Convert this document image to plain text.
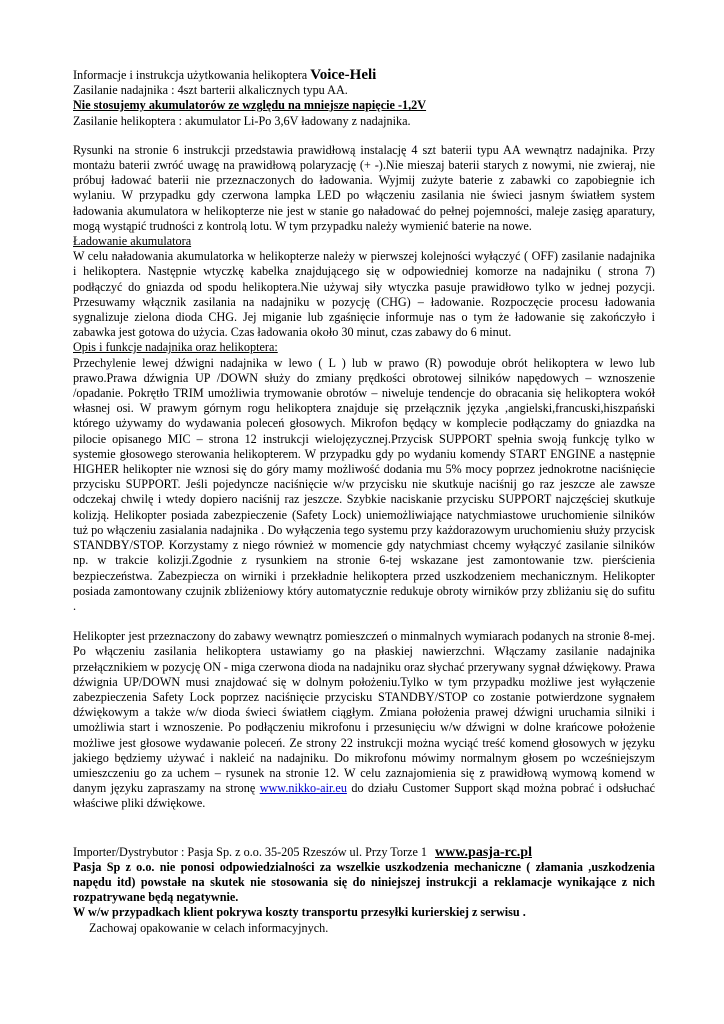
Informacje i instrukcja użytkowania helikoptera Voice-Heli
Zasilanie nadajnika : 4szt barterii alkalicznych typu AA.
Nie stosujemy akumulatorów ze względu na mniejsze napięcie -1,2V
Zasilanie helikoptera : akumulator Li-Po 3,6V ładowany z nadajnika.

Rysunki na stronie 6 instrukcji przedstawia prawidłową instalację 4 szt baterii typu AA wewnątrz nadajnika. Przy montażu baterii zwróć uwagę na prawidłową polaryzację (+ -).Nie mieszaj baterii starych z nowymi, nie zwieraj, nie próbuj ładować baterii nie przeznaczonych do ładowania. Wyjmij zużyte baterie z zabawki co zapobiegnie ich wylaniu. W przypadku gdy czerwona lampka LED po włączeniu zasilania nie świeci jasnym światłem system ładowania akumulatora w helikopterze nie jest w stanie go naładować do pełnej pojemności, maleje zasięg aparatury, mogą wystąpić trudności z kontrolą lotu. W tym przypadku należy wymienić baterie na nowe.

Ładowanie akumulatora

W celu naładowania akumulatorka w helikopterze należy w pierwszej kolejności wyłączyć ( OFF) zasilanie nadajnika i helikoptera. Następnie wtyczkę kabelka znajdującego się w odpowiedniej komorze na nadajniku ( strona 7) podłączyć do gniazda od spodu helikoptera.Nie używaj siły wtyczka pasuje prawidłowo tylko w jednej pozycji. Przesuwamy włącznik zasilania na nadajniku w pozycję (CHG) – ładowanie. Rozpoczęcie procesu ładowania sygnalizuje zielona dioda CHG. Jej miganie lub zgaśnięcie informuje nas o tym że ładowanie się zakończyło i zabawka jest gotowa do użycia. Czas ładowania około 30 minut, czas zabawy do 6 minut.

Opis i funkcje nadajnika oraz helikoptera:

Przechylenie lewej dźwigni nadajnika w lewo ( L ) lub w prawo (R) powoduje obrót helikoptera w lewo lub prawo.Prawa dźwignia UP /DOWN służy do zmiany prędkości obrotowej silników napędowych – wznoszenie /opadanie. Pokrętło TRIM umożliwia trymowanie obrotów – niweluje tendencje do obracania się helikoptera wokół własnej osi. W prawym górnym rogu helikoptera znajduje się przełącznik języka ,angielski,francuski,hiszpański którego używamy do wydawania poleceń głosowych. Mikrofon będący w komplecie podłączamy do gniazdka na pilocie opisanego MIC – strona 12 instrukcji wielojęzycznej.Przycisk SUPPORT spełnia swoją funkcję tylko w systemie głosowego sterowania helikopterem. W przypadku gdy po wydaniu komendy START ENGINE a następnie HIGHER helikopter nie wznosi się do góry mamy możliwość dodania mu 5% mocy poprzez jednokrotne naciśnięcie przycisku SUPPORT. Jeśli pojedyncze naciśnięcie w/w przycisku nie skutkuje naciśnij go raz jeszcze ale zawsze odczekaj chwilę i wtedy dopiero naciśnij raz jeszcze. Szybkie naciskanie przycisku SUPPORT najczęściej skutkuje kolizją. Helikopter posiada zabezpieczenie (Safety Lock) uniemożliwiające natychmiastowe uruchomienie silników tuż po włączeniu zasialania nadajnika . Do wyłączenia tego systemu przy każdorazowym uruchomieniu służy przycisk STANDBY/STOP. Korzystamy z niego również w momencie gdy natychmiast chcemy wyłączyć zasilanie silników np. w trakcie kolizji.Zgodnie z rysunkiem na stronie 6-tej wskazane jest zamontowanie tzw. pierścienia bezpieczeństwa. Zabezpiecza on wirniki i przekładnie helikoptera przed uszkodzeniem mechanicznym. Helikopter posiada zamontowany czujnik zbliżeniowy który automatycznie redukuje obroty wirników przy zbliżaniu się do sufitu .

Helikopter jest przeznaczony do zabawy wewnątrz pomieszczeń o minmalnych wymiarach podanych na stronie 8-mej. Po włączeniu zasilania helikoptera ustawiamy go na płaskiej nawierzchni. Włączamy zasilanie nadajnika przełącznikiem w pozycję ON - miga czerwona dioda na nadajniku oraz słychać przerywany sygnał dźwiękowy. Prawa dźwignia UP/DOWN musi znajdować się w dolnym położeniu.Tylko w tym przypadku możliwe jest wyłączenie zabezpieczenia Safety Lock poprzez naciśnięcie przycisku STANDBY/STOP co zostanie potwierdzone sygnałem dźwiękowym a także w/w dioda świeci światłem ciągłym. Zmiana położenia prawej dźwigni uruchamia silniki i umożliwia start i wznoszenie. Po podłączeniu mikrofonu i przesunięciu w/w dźwigni w dolne krańcowe położenie możliwe jest głosowe wydawanie poleceń. Ze strony 22 instrukcji można wyciąć treść komend głosowych w języku jakiego będziemy używać i nakleić na nadajniku. Do mikrofonu mówimy normalnym głosem po wcześniejszym umieszczeniu go za uchem – rysunek na stronie 12. W celu zaznajomienia się z prawidłową wymową komend w danym języku zapraszamy na stronę www.nikko-air.eu do działu Customer Support skąd można pobrać i odsłuchać właściwe pliki dźwiękowe.

Importer/Dystrybutor : Pasja Sp. z o.o. 35-205 Rzeszów ul. Przy Torze 1 www.pasja-rc.pl

Pasja Sp z o.o. nie ponosi odpowiedzialności za wszelkie uszkodzenia mechaniczne ( złamania ,uszkodzenia napędu itd) powstałe na skutek nie stosowania się do niniejszej instrukcji a reklamacje wynikające z nich rozpatrywane będą negatywnie.

W w/w przypadkach klient pokrywa koszty transportu przesyłki kurierskiej z serwisu .
Zachowaj opakowanie w celach informacyjnych.
